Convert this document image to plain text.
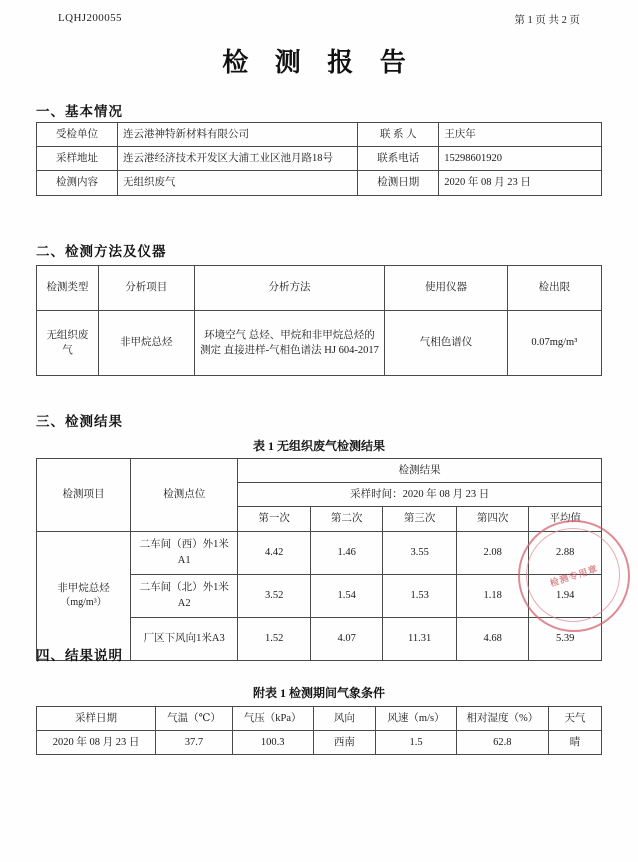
LQHJ200055	第 1 页 共 2 页
检 测 报 告
一、基本情况
受检单位	连云港神特新材料有限公司	联 系 人	王庆年
采样地址	连云港经济技术开发区大浦工业区池月路18号	联系电话	15298601920
检测内容	无组织废气	检测日期	2020 年 08 月 23 日
二、检测方法及仪器
检测类型	分析项目	分析方法	使用仪器	检出限
无组织废气	非甲烷总烃	环境空气 总烃、甲烷和非甲烷总烃的测定 直接进样-气相色谱法 HJ 604-2017	气相色谱仪	0.07mg/m³
三、检测结果
表 1 无组织废气检测结果
检测项目	检测点位	检测结果				
		采样时间：2020 年 08 月 23 日				
		第一次	第二次	第三次	第四次	平均值
非甲烷总烃
（mg/m³）	二车间（西）外1米A1	4.42	1.46	3.55	2.08	2.88
	二车间（北）外1米A2	3.52	1.54	1.53	1.18	1.94
	厂区下风向1米A3	1.52	4.07	11.31	4.68	5.39
检测专用章
四、结果说明
附表 1 检测期间气象条件
采样日期	气温（℃）	气压（kPa）	风向	风速（m/s）	相对湿度（%）	天气
2020 年 08 月 23 日	37.7	100.3	西南	1.5	62.8	晴
